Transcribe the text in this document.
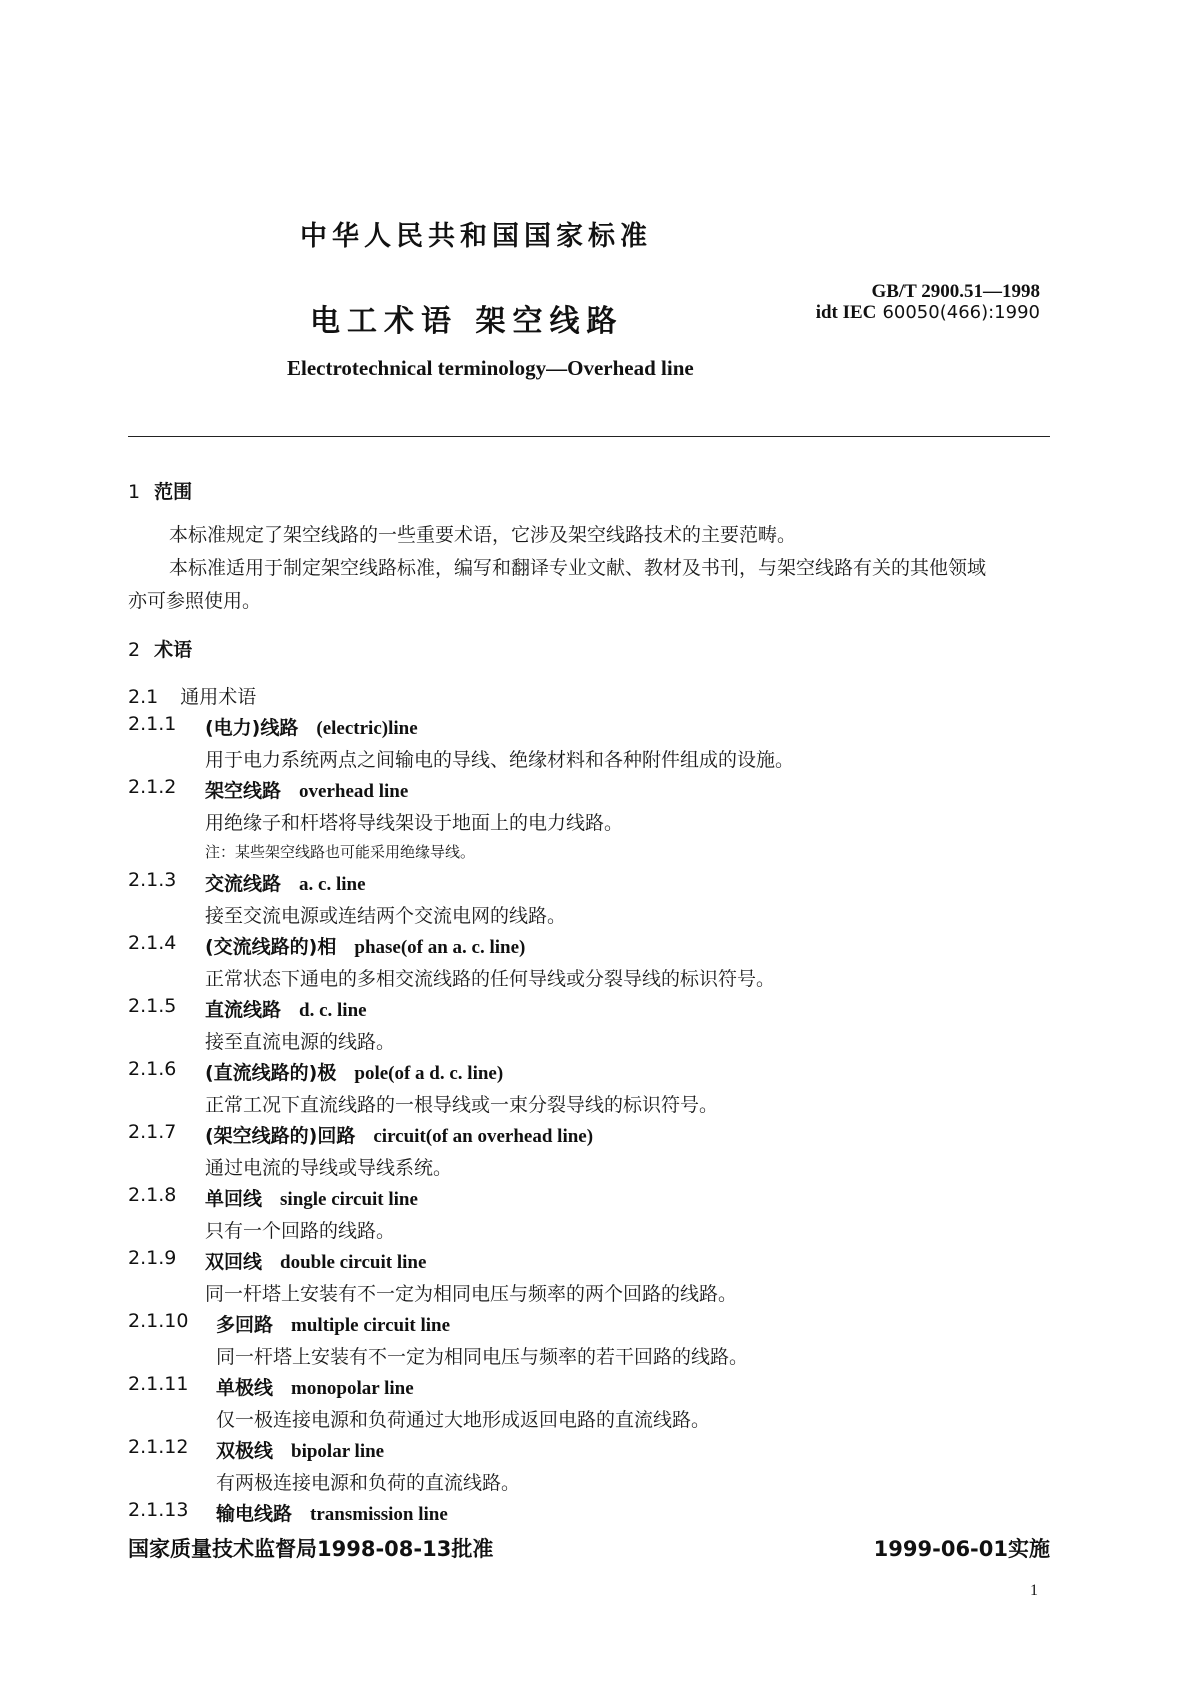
中华人民共和国国家标准
电工术语 架空线路
GB/T 2900.51—1998
idt IEC 60050(466):1990
Electrotechnical terminology—Overhead line
1 范围
本标准规定了架空线路的一些重要术语，它涉及架空线路技术的主要范畴。
本标准适用于制定架空线路标准，编写和翻译专业文献、教材及书刊，与架空线路有关的其他领域
亦可参照使用。
2 术语
2.1 通用术语
2.1.1 (电力)线路 (electric)line
用于电力系统两点之间输电的导线、绝缘材料和各种附件组成的设施。
2.1.2 架空线路 overhead line
用绝缘子和杆塔将导线架设于地面上的电力线路。
注：某些架空线路也可能采用绝缘导线。
2.1.3 交流线路 a. c. line
接至交流电源或连结两个交流电网的线路。
2.1.4 (交流线路的)相 phase(of an a. c. line)
正常状态下通电的多相交流线路的任何导线或分裂导线的标识符号。
2.1.5 直流线路 d. c. line
接至直流电源的线路。
2.1.6 (直流线路的)极 pole(of a d. c. line)
正常工况下直流线路的一根导线或一束分裂导线的标识符号。
2.1.7 (架空线路的)回路 circuit(of an overhead line)
通过电流的导线或导线系统。
2.1.8 单回线 single circuit line
只有一个回路的线路。
2.1.9 双回线 double circuit line
同一杆塔上安装有不一定为相同电压与频率的两个回路的线路。
2.1.10 多回路 multiple circuit line
同一杆塔上安装有不一定为相同电压与频率的若干回路的线路。
2.1.11 单极线 monopolar line
仅一极连接电源和负荷通过大地形成返回电路的直流线路。
2.1.12 双极线 bipolar line
有两极连接电源和负荷的直流线路。
2.1.13 输电线路 transmission line
国家质量技术监督局1998-08-13批准	1999-06-01实施
1
